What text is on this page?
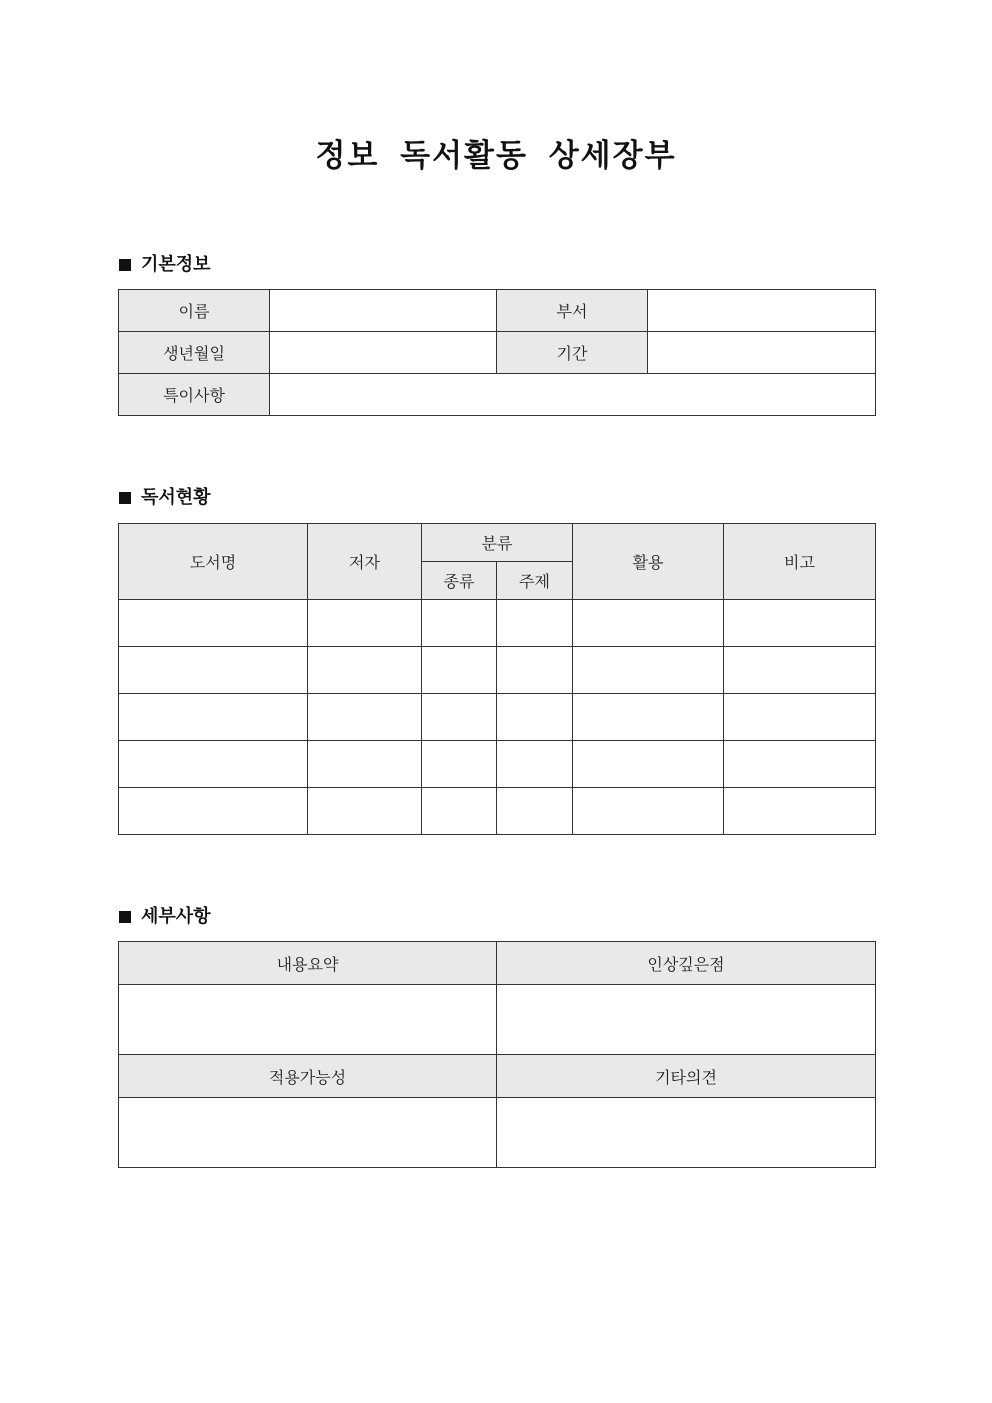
정보 독서활동 상세장부
기본정보
이름		부서	
생년월일		기간	
특이사항			
독서현황
도서명	저자	분류		활용	비고
		종류	주제		

세부사항
내용요약	인상깊은점

적용가능성	기타의견
